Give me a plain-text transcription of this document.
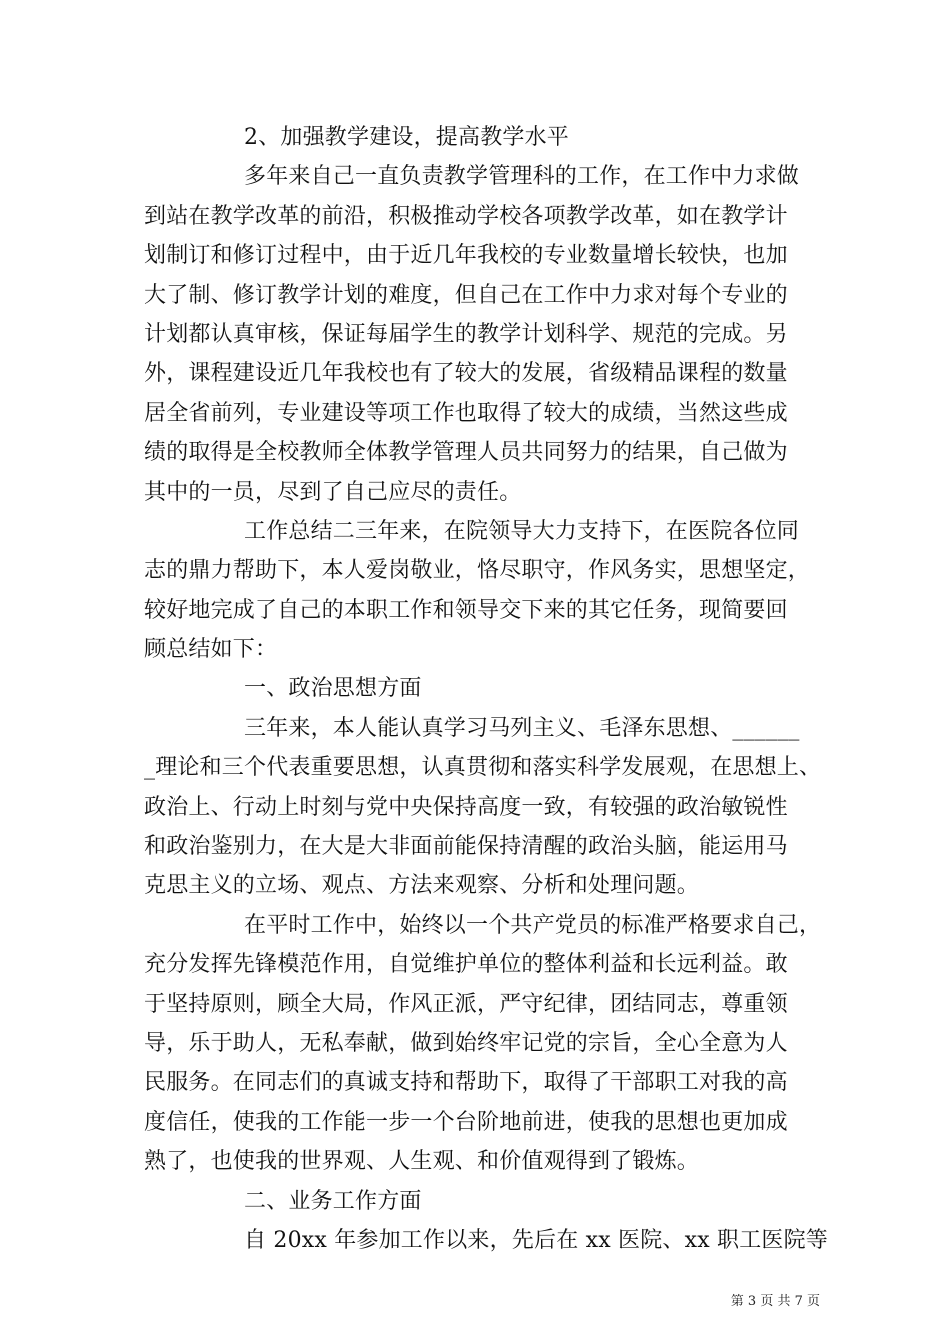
2、加强教学建设，提高教学水平
多年来自己一直负责教学管理科的工作，在工作中力求做
到站在教学改革的前沿，积极推动学校各项教学改革，如在教学计
划制订和修订过程中，由于近几年我校的专业数量增长较快，也加
大了制、修订教学计划的难度，但自己在工作中力求对每个专业的
计划都认真审核，保证每届学生的教学计划科学、规范的完成。另
外，课程建设近几年我校也有了较大的发展，省级精品课程的数量
居全省前列，专业建设等项工作也取得了较大的成绩，当然这些成
绩的取得是全校教师全体教学管理人员共同努力的结果，自己做为
其中的一员，尽到了自己应尽的责任。
工作总结二三年来，在院领导大力支持下，在医院各位同
志的鼎力帮助下，本人爱岗敬业，恪尽职守，作风务实，思想坚定，
较好地完成了自己的本职工作和领导交下来的其它任务，现简要回
顾总结如下：
一、政治思想方面
三年来，本人能认真学习马列主义、毛泽东思想、______
_理论和三个代表重要思想，认真贯彻和落实科学发展观，在思想上、
政治上、行动上时刻与党中央保持高度一致，有较强的政治敏锐性
和政治鉴别力，在大是大非面前能保持清醒的政治头脑，能运用马
克思主义的立场、观点、方法来观察、分析和处理问题。
在平时工作中，始终以一个共产党员的标准严格要求自己，
充分发挥先锋模范作用，自觉维护单位的整体利益和长远利益。敢
于坚持原则，顾全大局，作风正派，严守纪律，团结同志，尊重领
导，乐于助人，无私奉献，做到始终牢记党的宗旨，全心全意为人
民服务。在同志们的真诚支持和帮助下，取得了干部职工对我的高
度信任，使我的工作能一步一个台阶地前进，使我的思想也更加成
熟了，也使我的世界观、人生观、和价值观得到了锻炼。
二、业务工作方面
自 20xx 年参加工作以来，先后在 xx 医院、xx 职工医院等
第 3 页 共 7 页
